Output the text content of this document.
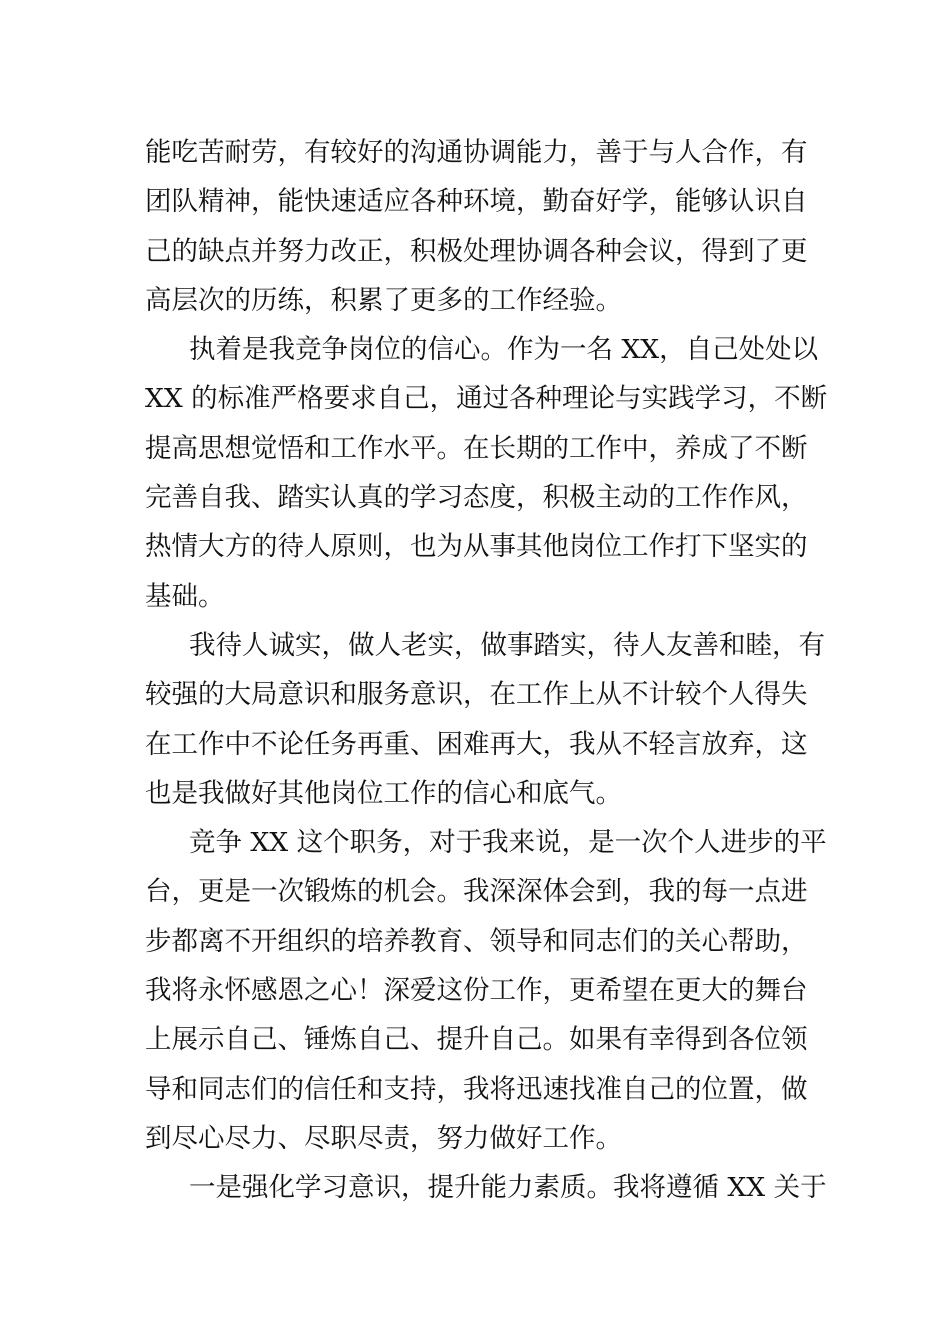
能吃苦耐劳，有较好的沟通协调能力，善于与人合作，有
团队精神，能快速适应各种环境，勤奋好学，能够认识自
己的缺点并努力改正，积极处理协调各种会议，得到了更
高层次的历练，积累了更多的工作经验。
执着是我竞争岗位的信心。作为一名 XX，自己处处以
XX 的标准严格要求自己，通过各种理论与实践学习，不断
提高思想觉悟和工作水平。在长期的工作中，养成了不断
完善自我、踏实认真的学习态度，积极主动的工作作风，
热情大方的待人原则，也为从事其他岗位工作打下坚实的
基础。
我待人诚实，做人老实，做事踏实，待人友善和睦，有
较强的大局意识和服务意识，在工作上从不计较个人得失
在工作中不论任务再重、困难再大，我从不轻言放弃，这
也是我做好其他岗位工作的信心和底气。
竞争 XX 这个职务，对于我来说，是一次个人进步的平
台，更是一次锻炼的机会。我深深体会到，我的每一点进
步都离不开组织的培养教育、领导和同志们的关心帮助，
我将永怀感恩之心！深爱这份工作，更希望在更大的舞台
上展示自己、锤炼自己、提升自己。如果有幸得到各位领
导和同志们的信任和支持，我将迅速找准自己的位置，做
到尽心尽力、尽职尽责，努力做好工作。
一是强化学习意识，提升能力素质。我将遵循 XX 关于
